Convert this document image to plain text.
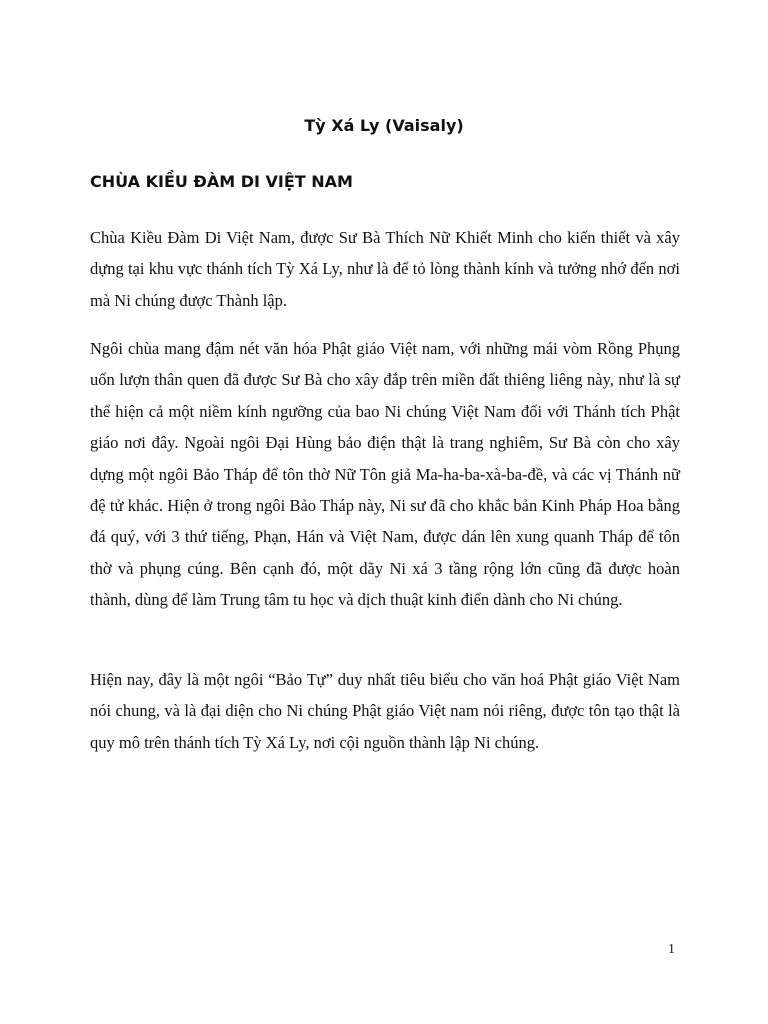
Tỳ Xá Ly (Vaisaly)
CHÙA KIỀU ĐÀM DI VIỆT NAM

Chùa Kiều Đàm Di Việt Nam, được Sư Bà Thích Nữ Khiết Minh cho kiến thiết và xây dựng tại khu vực thánh tích Tỳ Xá Ly, như là để tỏ lòng thành kính và tưởng nhớ đến nơi mà Ni chúng được Thành lập.

Ngôi chùa mang đậm nét văn hóa Phật giáo Việt nam, với những mái vòm Rồng Phụng uốn lượn thân quen đã được Sư Bà cho xây đắp trên miền đất thiêng liêng này, như là sự thể hiện cả một niềm kính ngưỡng của bao Ni chúng Việt Nam đối với Thánh tích Phật giáo nơi đây. Ngoài ngôi Đại Hùng bảo điện thật là trang nghiêm, Sư Bà còn cho xây dựng một ngôi Bảo Tháp để tôn thờ Nữ Tôn giả Ma-ha-ba-xà-ba-đề, và các vị Thánh nữ đệ tử khác. Hiện ở trong ngôi Bảo Tháp này, Ni sư đã cho khắc bản Kinh Pháp Hoa bằng đá quý, với 3 thứ tiếng, Phạn, Hán và Việt Nam, được dán lên xung quanh Tháp để tôn thờ và phụng cúng. Bên cạnh đó, một dãy Ni xá 3 tầng rộng lớn cũng đã được hoàn thành, dùng để làm Trung tâm tu học và dịch thuật kinh điển dành cho Ni chúng.

Hiện nay, đây là một ngôi “Bảo Tự” duy nhất tiêu biểu cho văn hoá Phật giáo Việt Nam nói chung, và là đại diện cho Ni chúng Phật giáo Việt nam nói riêng, được tôn tạo thật là quy mô trên thánh tích Tỳ Xá Ly, nơi cội nguồn thành lập Ni chúng.

1
